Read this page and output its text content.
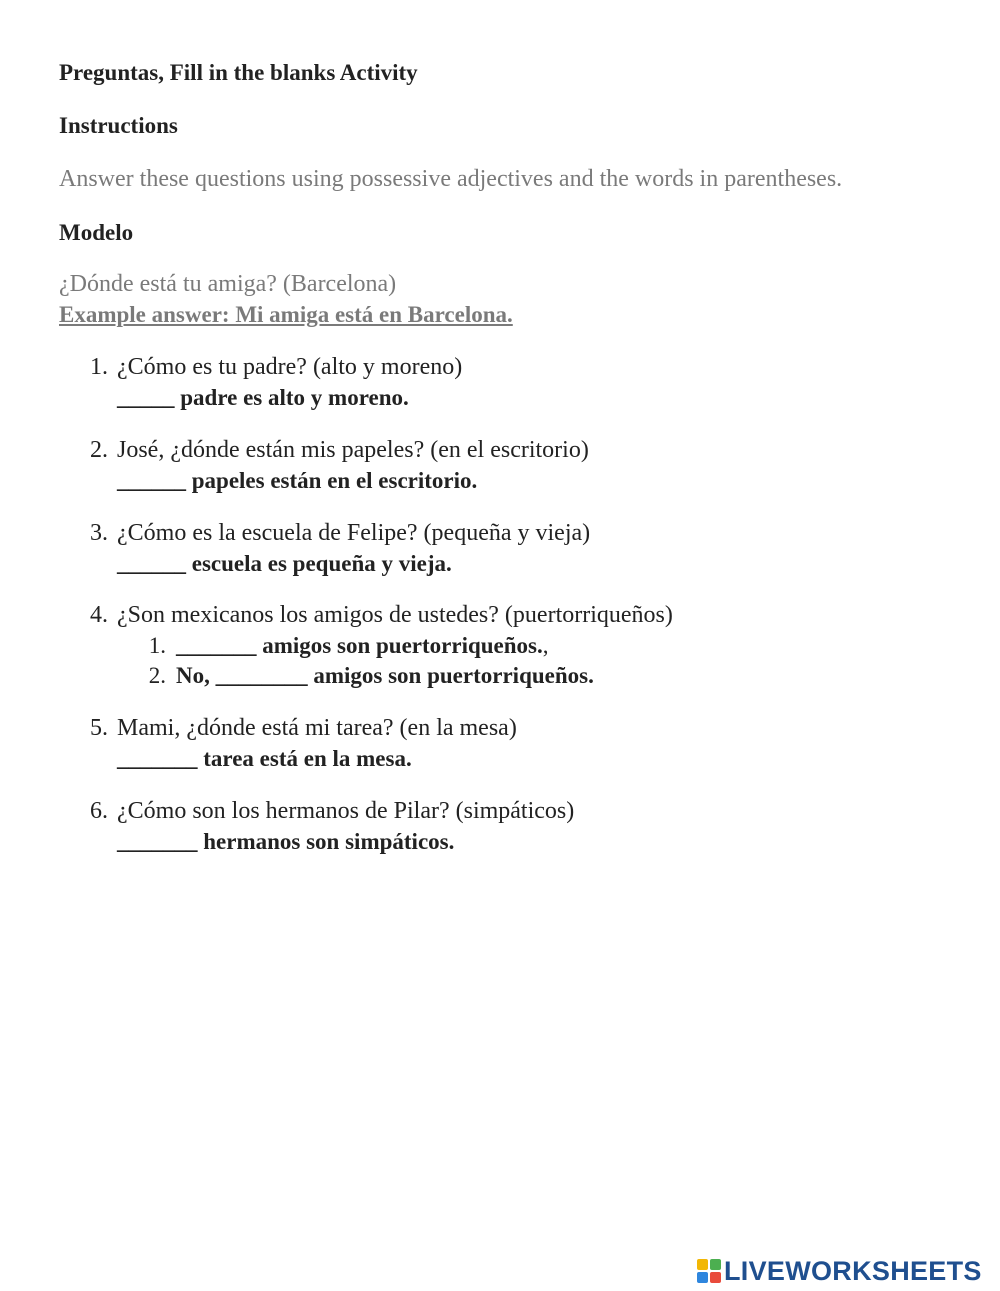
Preguntas, Fill in the blanks Activity
Instructions
Answer these questions using possessive adjectives and the words in parentheses.
Modelo
¿Dónde está tu amiga? (Barcelona)
Example answer: Mi amiga está en Barcelona.
1. ¿Cómo es tu padre? (alto y moreno)
_____ padre es alto y moreno.
2. José, ¿dónde están mis papeles? (en el escritorio)
______ papeles están en el escritorio.
3. ¿Cómo es la escuela de Felipe? (pequeña y vieja)
______ escuela es pequeña y vieja.
4. ¿Son mexicanos los amigos de ustedes? (puertorriqueños)
1. _______ amigos son puertorriqueños.,
2. No, ________ amigos son puertorriqueños.
5. Mami, ¿dónde está mi tarea? (en la mesa)
_______ tarea está en la mesa.
6. ¿Cómo son los hermanos de Pilar? (simpáticos)
_______ hermanos son simpáticos.
LIVEWORKSHEETS
